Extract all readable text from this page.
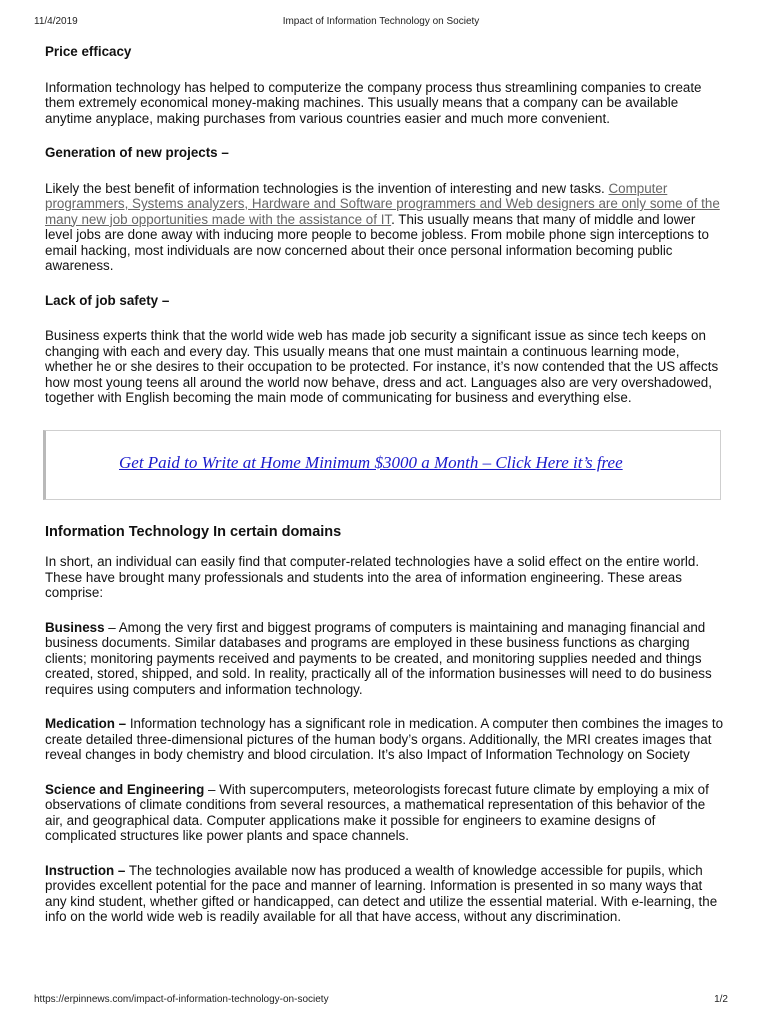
11/4/2019	Impact of Information Technology on Society

Price efficacy

Information technology has helped to computerize the company process thus streamlining companies to create them extremely economical money-making machines. This usually means that a company can be available anytime anyplace, making purchases from various countries easier and much more convenient.

Generation of new projects –

Likely the best benefit of information technologies is the invention of interesting and new tasks. Computer programmers, Systems analyzers, Hardware and Software programmers and Web designers are only some of the many new job opportunities made with the assistance of IT. This usually means that many of middle and lower level jobs are done away with inducing more people to become jobless. From mobile phone sign interceptions to email hacking, most individuals are now concerned about their once personal information becoming public awareness.

Lack of job safety –

Business experts think that the world wide web has made job security a significant issue as since tech keeps on changing with each and every day. This usually means that one must maintain a continuous learning mode, whether he or she desires to their occupation to be protected. For instance, it’s now contended that the US affects how most young teens all around the world now behave, dress and act. Languages also are very overshadowed, together with English becoming the main mode of communicating for business and everything else.

Get Paid to Write at Home Minimum $3000 a Month – Click Here it’s free

Information Technology In certain domains

In short, an individual can easily find that computer-related technologies have a solid effect on the entire world. These have brought many professionals and students into the area of information engineering. These areas comprise:

Business – Among the very first and biggest programs of computers is maintaining and managing financial and business documents. Similar databases and programs are employed in these business functions as charging clients; monitoring payments received and payments to be created, and monitoring supplies needed and things created, stored, shipped, and sold. In reality, practically all of the information businesses will need to do business requires using computers and information technology.

Medication – Information technology has a significant role in medication. A computer then combines the images to create detailed three-dimensional pictures of the human body’s organs. Additionally, the MRI creates images that reveal changes in body chemistry and blood circulation. It’s also Impact of Information Technology on Society

Science and Engineering – With supercomputers, meteorologists forecast future climate by employing a mix of observations of climate conditions from several resources, a mathematical representation of this behavior of the air, and geographical data. Computer applications make it possible for engineers to examine designs of complicated structures like power plants and space channels.

Instruction – The technologies available now has produced a wealth of knowledge accessible for pupils, which provides excellent potential for the pace and manner of learning. Information is presented in so many ways that any kind student, whether gifted or handicapped, can detect and utilize the essential material. With e-learning, the info on the world wide web is readily available for all that have access, without any discrimination.

https://erpinnews.com/impact-of-information-technology-on-society	1/2
